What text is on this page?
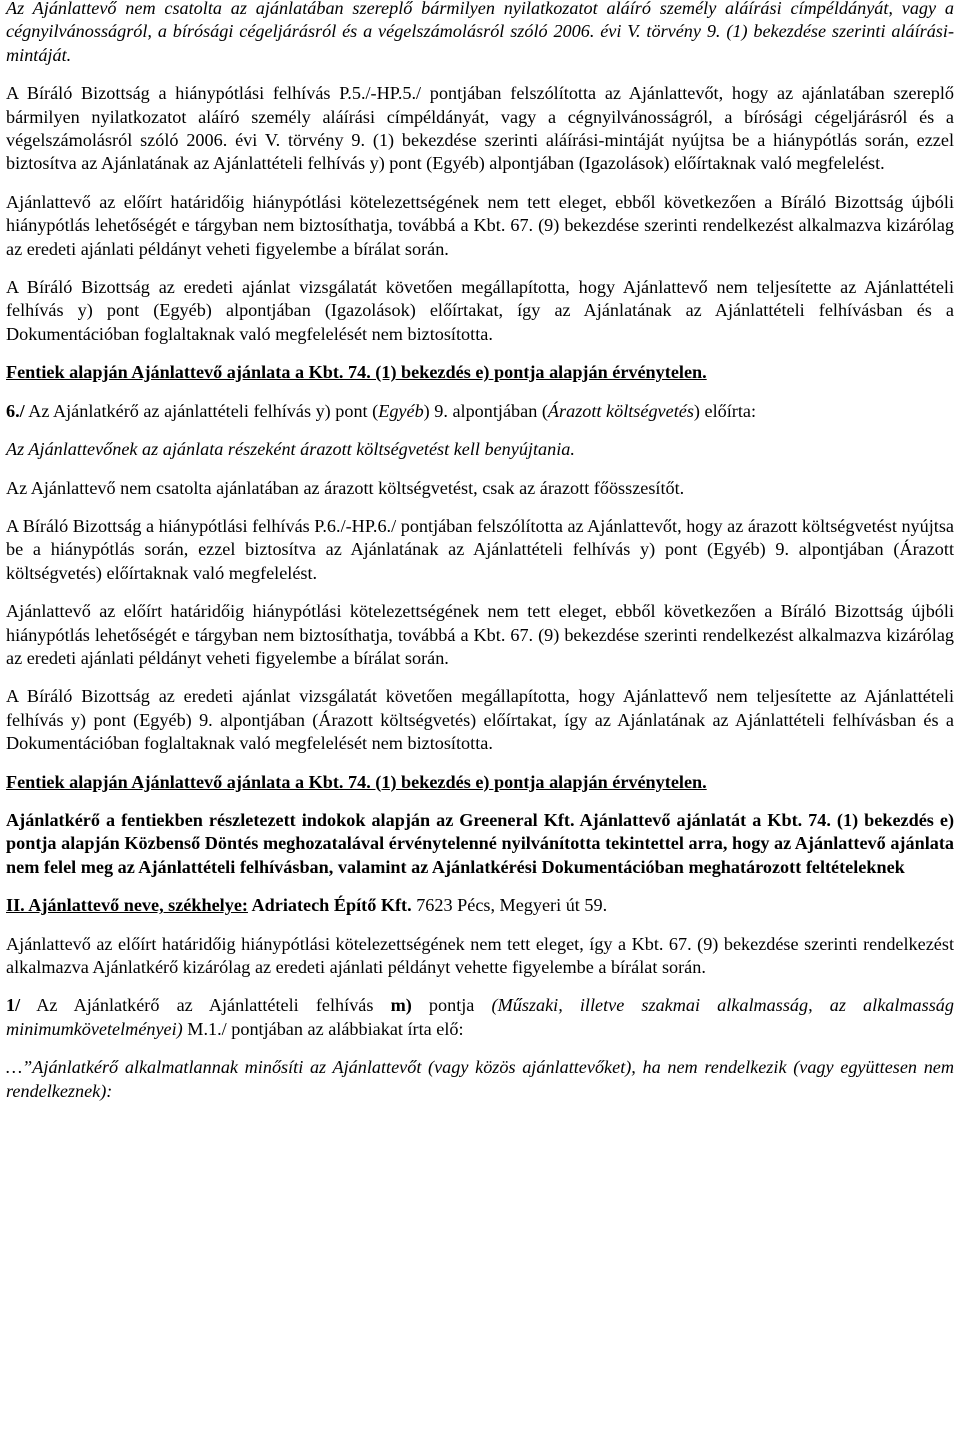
Az Ajánlattevő nem csatolta az ajánlatában szereplő bármilyen nyilatkozatot aláíró személy aláírási címpéldányát, vagy a cégnyilvánosságról, a bírósági cégeljárásról és a végelszámolásról szóló 2006. évi V. törvény 9. (1) bekezdése szerinti aláírási-mintáját.

A Bíráló Bizottság a hiánypótlási felhívás P.5./-HP.5./ pontjában felszólította az Ajánlattevőt, hogy az ajánlatában szereplő bármilyen nyilatkozatot aláíró személy aláírási címpéldányát, vagy a cégnyilvánosságról, a bírósági cégeljárásról és a végelszámolásról szóló 2006. évi V. törvény 9. (1) bekezdése szerinti aláírási-mintáját nyújtsa be a hiánypótlás során, ezzel biztosítva az Ajánlatának az Ajánlattételi felhívás y) pont (Egyéb) alpontjában (Igazolások) előírtaknak való megfelelést.

Ajánlattevő az előírt határidőig hiánypótlási kötelezettségének nem tett eleget, ebből következően a Bíráló Bizottság újbóli hiánypótlás lehetőségét e tárgyban nem biztosíthatja, továbbá a Kbt. 67. (9) bekezdése szerinti rendelkezést alkalmazva kizárólag az eredeti ajánlati példányt veheti figyelembe a bírálat során.

A Bíráló Bizottság az eredeti ajánlat vizsgálatát követően megállapította, hogy Ajánlattevő nem teljesítette az Ajánlattételi felhívás y) pont (Egyéb) alpontjában (Igazolások) előírtakat, így az Ajánlatának az Ajánlattételi felhívásban és a Dokumentációban foglaltaknak való megfelelését nem biztosította.

Fentiek alapján Ajánlattevő ajánlata a Kbt. 74. (1) bekezdés e) pontja alapján érvénytelen.

6./ Az Ajánlatkérő az ajánlattételi felhívás y) pont (Egyéb) 9. alpontjában (Árazott költségvetés) előírta:

Az Ajánlattevőnek az ajánlata részeként árazott költségvetést kell benyújtania.

Az Ajánlattevő nem csatolta ajánlatában az árazott költségvetést, csak az árazott főösszesítőt.

A Bíráló Bizottság a hiánypótlási felhívás P.6./-HP.6./ pontjában felszólította az Ajánlattevőt, hogy az árazott költségvetést nyújtsa be a hiánypótlás során, ezzel biztosítva az Ajánlatának az Ajánlattételi felhívás y) pont (Egyéb) 9. alpontjában (Árazott költségvetés) előírtaknak való megfelelést.

Ajánlattevő az előírt határidőig hiánypótlási kötelezettségének nem tett eleget, ebből következően a Bíráló Bizottság újbóli hiánypótlás lehetőségét e tárgyban nem biztosíthatja, továbbá a Kbt. 67. (9) bekezdése szerinti rendelkezést alkalmazva kizárólag az eredeti ajánlati példányt veheti figyelembe a bírálat során.

A Bíráló Bizottság az eredeti ajánlat vizsgálatát követően megállapította, hogy Ajánlattevő nem teljesítette az Ajánlattételi felhívás y) pont (Egyéb) 9. alpontjában (Árazott költségvetés) előírtakat, így az Ajánlatának az Ajánlattételi felhívásban és a Dokumentációban foglaltaknak való megfelelését nem biztosította.

Fentiek alapján Ajánlattevő ajánlata a Kbt. 74. (1) bekezdés e) pontja alapján érvénytelen.

Ajánlatkérő a fentiekben részletezett indokok alapján az Greeneral Kft. Ajánlattevő ajánlatát a Kbt. 74. (1) bekezdés e) pontja alapján Közbenső Döntés meghozatalával érvénytelenné nyilvánította tekintettel arra, hogy az Ajánlattevő ajánlata nem felel meg az Ajánlattételi felhívásban, valamint az Ajánlatkérési Dokumentációban meghatározott feltételeknek

II. Ajánlattevő neve, székhelye: Adriatech Építő Kft. 7623 Pécs, Megyeri út 59.

Ajánlattevő az előírt határidőig hiánypótlási kötelezettségének nem tett eleget, így a Kbt. 67. (9) bekezdése szerinti rendelkezést alkalmazva Ajánlatkérő kizárólag az eredeti ajánlati példányt vehette figyelembe a bírálat során.

1/ Az Ajánlatkérő az Ajánlattételi felhívás m) pontja (Műszaki, illetve szakmai alkalmasság, az alkalmasság minimumkövetelményei) M.1./ pontjában az alábbiakat írta elő:

…”Ajánlatkérő alkalmatlannak minősíti az Ajánlattevőt (vagy közös ajánlattevőket), ha nem rendelkezik (vagy együttesen nem rendelkeznek):
